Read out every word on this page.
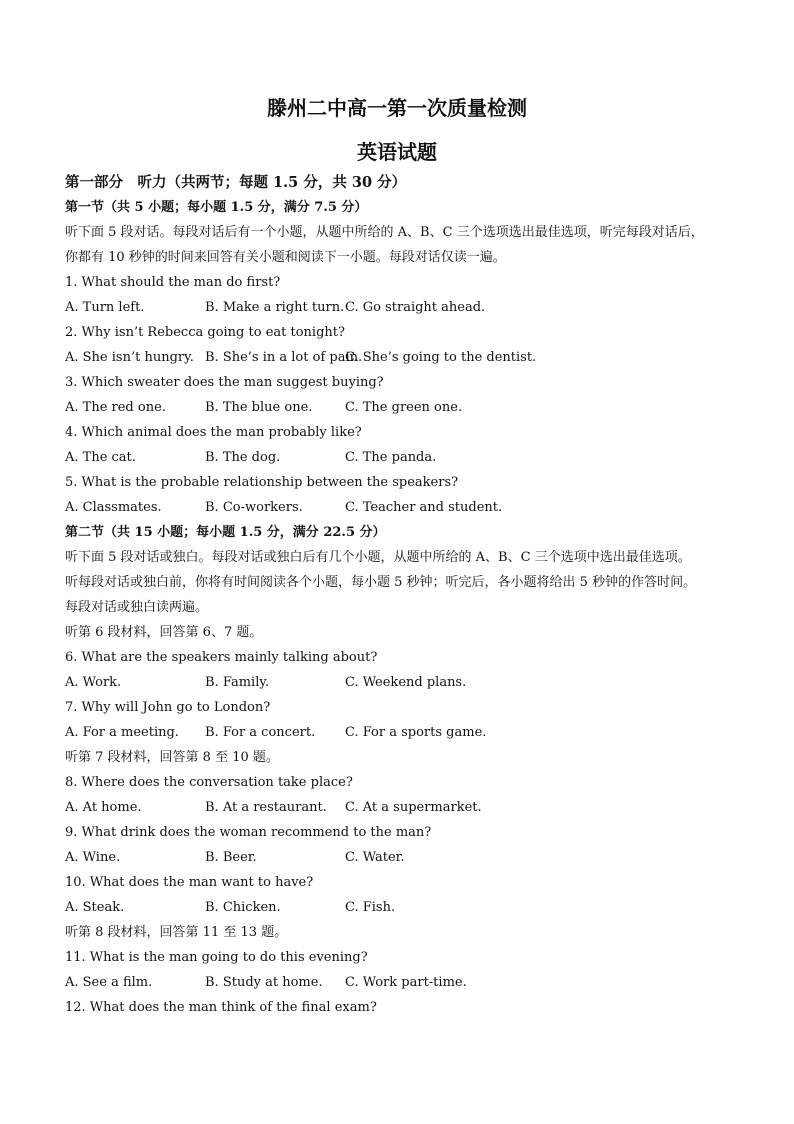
滕州二中高一第一次质量检测
英语试题
第一部分　听力（共两节；每题 1.5 分，共 30 分）
第一节（共 5 小题；每小题 1.5 分，满分 7.5 分）
听下面 5 段对话。每段对话后有一个小题，从题中所给的 A、B、C 三个选项选出最佳选项，听完每段对话后，
你都有 10 秒钟的时间来回答有关小题和阅读下一小题。每段对话仅读一遍。
1. What should the man do first?
A. Turn left.	B. Make a right turn. C. Go straight ahead.
2. Why isn’t Rebecca going to eat tonight?
A. She isn’t hungry. B. She’s in a lot of pain.
C. She’s going to the dentist.
3. Which sweater does the man suggest buying?
A. The red one.	B. The blue one.	C. The green one.
4. Which animal does the man probably like?
A. The cat.	B. The dog.	C. The panda.
5. What is the probable relationship between the speakers?
A. Classmates.	B. Co-workers.	C. Teacher and student.
第二节（共 15 小题；每小题 1.5 分，满分 22.5 分）
听下面 5 段对话或独白。每段对话或独白后有几个小题，从题中所给的 A、B、C 三个选项中选出最佳选项。
听每段对话或独白前，你将有时间阅读各个小题，每小题 5 秒钟；听完后，各小题将给出 5 秒钟的作答时间。
每段对话或独白读两遍。
听第 6 段材料，回答第 6、7 题。
6. What are the speakers mainly talking about?
A. Work.	B. Family.	C. Weekend plans.
7. Why will John go to London?
A. For a meeting. B. For a concert. C. For a sports game.
听第 7 段材料，回答第 8 至 10 题。
8. Where does the conversation take place?
A. At home.	B. At a restaurant. C. At a supermarket.
9. What drink does the woman recommend to the man?
A. Wine.	B. Beer.	C. Water.
10. What does the man want to have?
A. Steak.	B. Chicken.	C. Fish.
听第 8 段材料，回答第 11 至 13 题。
11. What is the man going to do this evening?
A. See a film.	B. Study at home. C. Work part-time.
12. What does the man think of the final exam?
